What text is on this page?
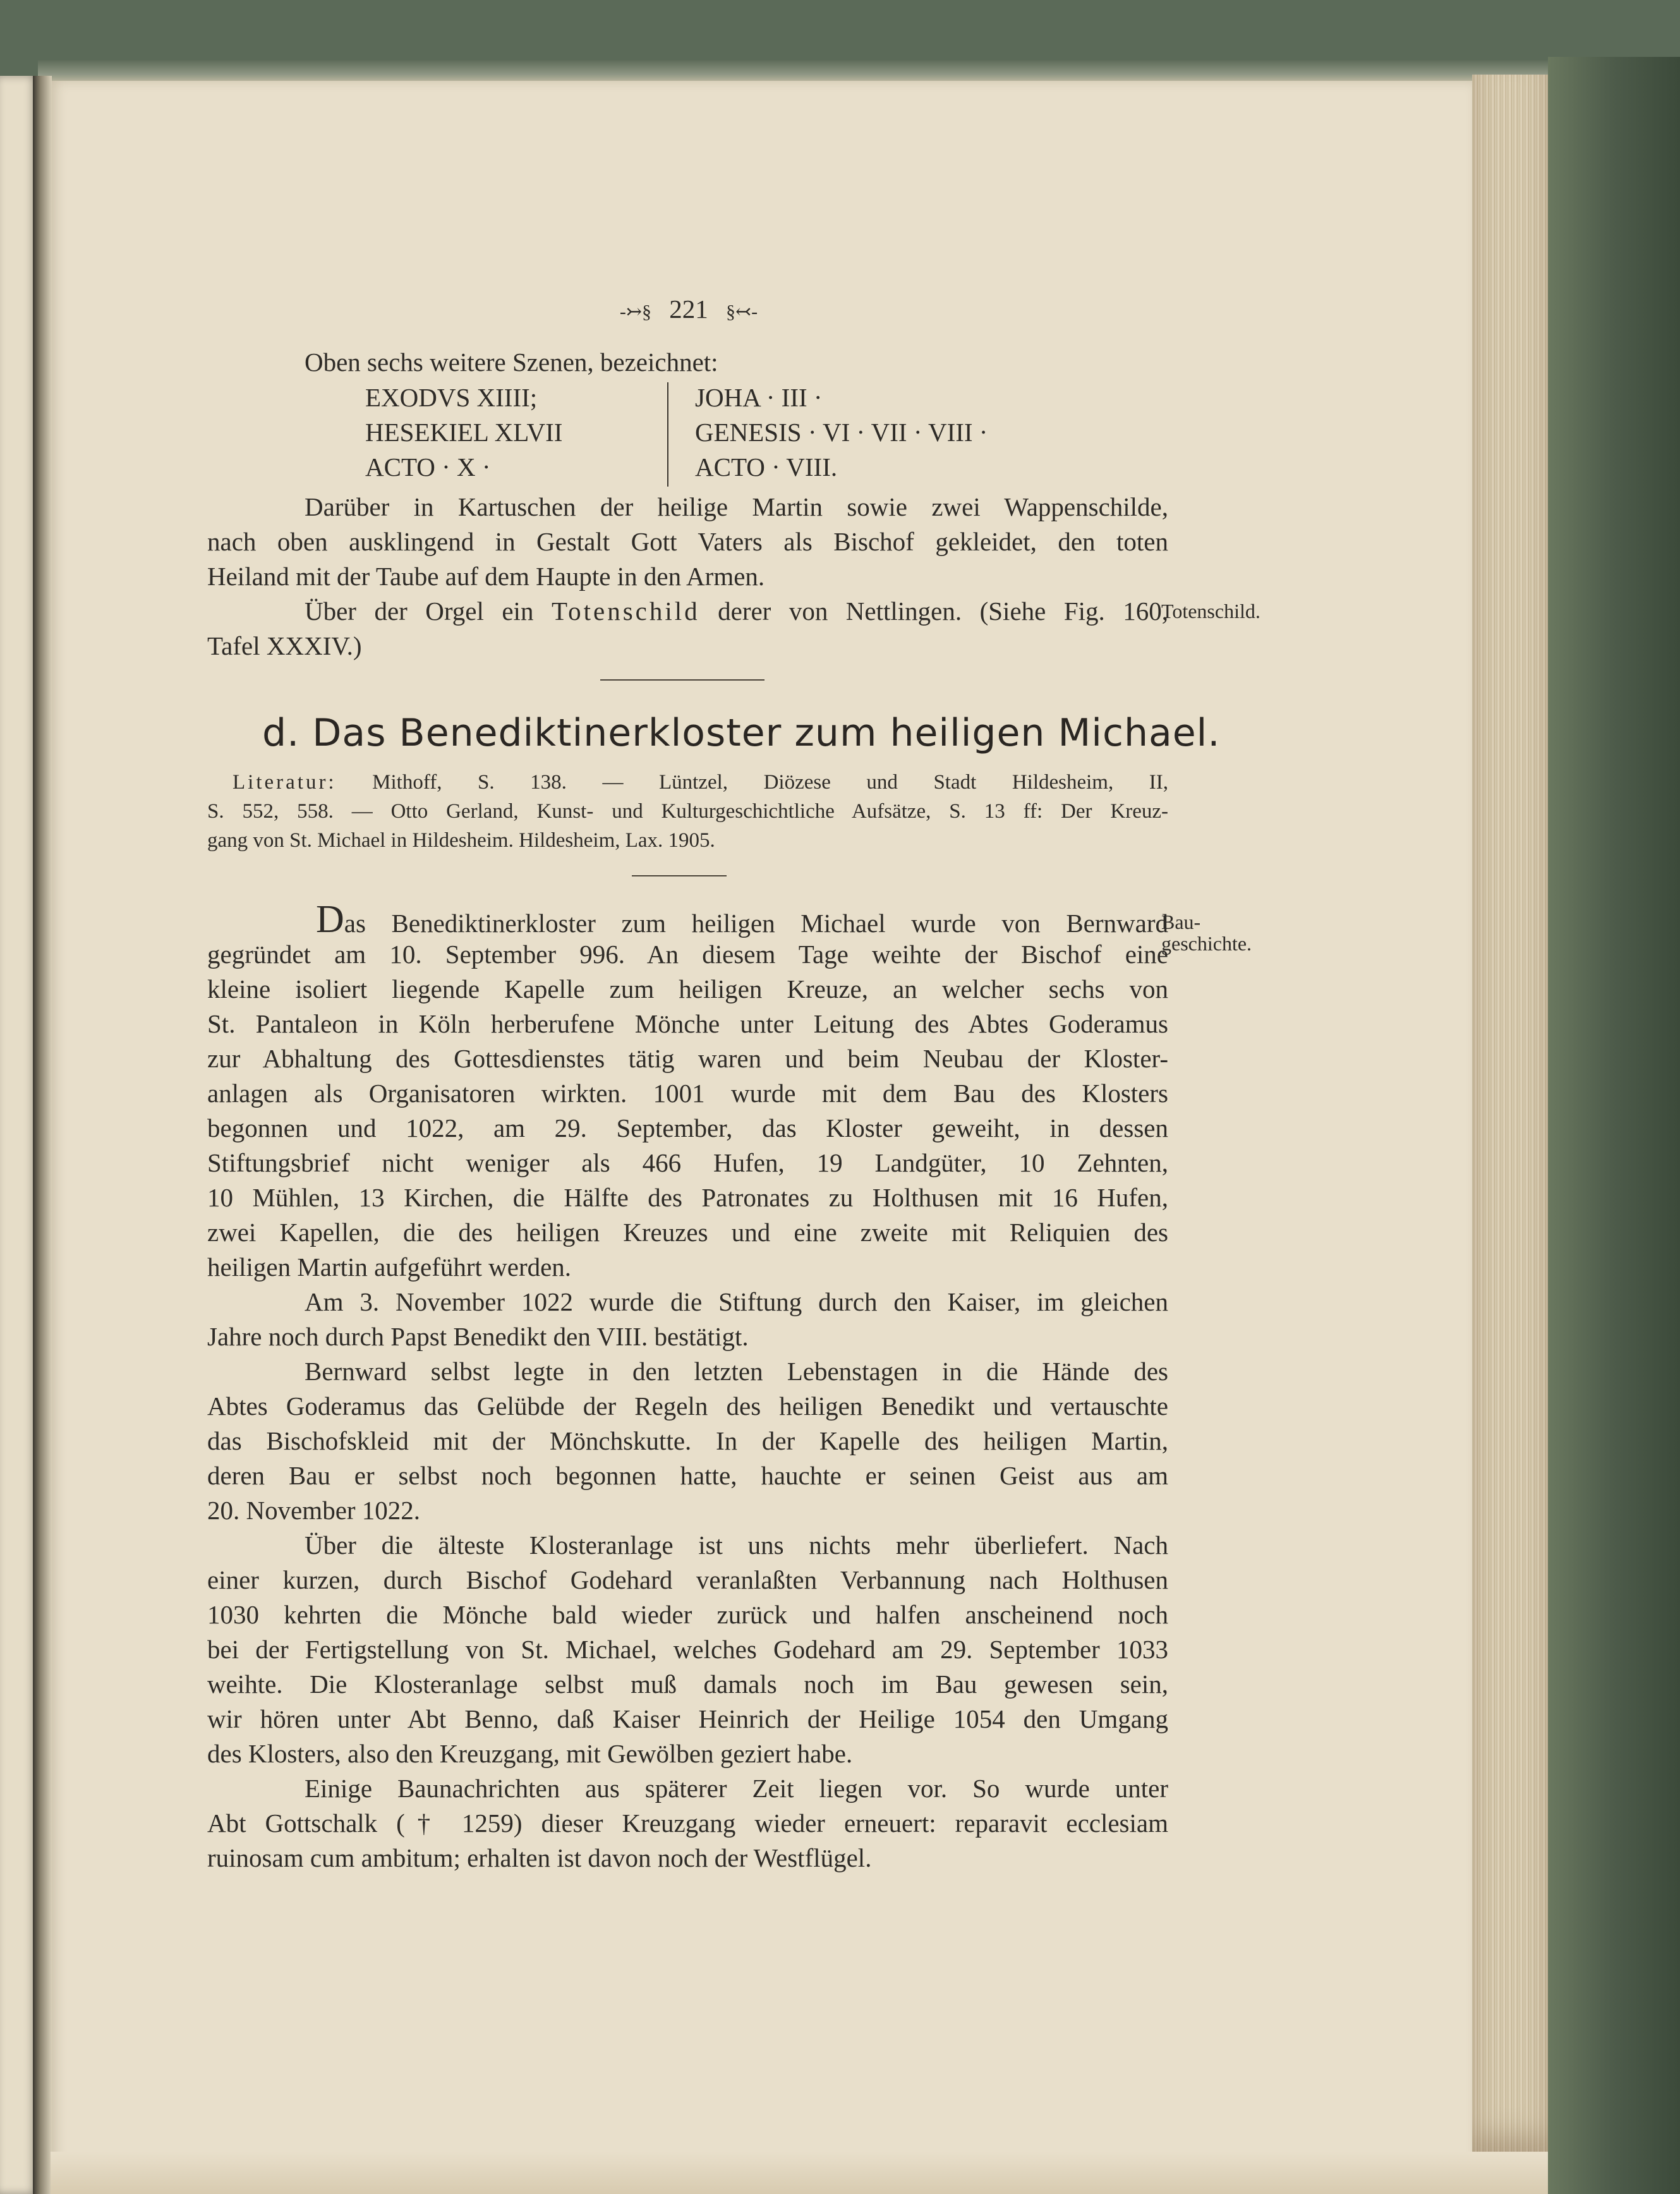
-↣§ 221 §↢-
Oben sechs weitere Szenen, bezeichnet:
EXODVS XIIII;
HESEKIEL XLVII
ACTO · X ·
JOHA · III ·
GENESIS · VI · VII · VIII ·
ACTO · VIII.
Darüber in Kartuschen der heilige Martin sowie zwei Wappenschilde,
nach oben ausklingend in Gestalt Gott Vaters als Bischof gekleidet, den toten
Heiland mit der Taube auf dem Haupte in den Armen.
Über der Orgel ein Totenschild derer von Nettlingen. (Siehe Fig. 160,
Tafel XXXIV.)
Totenschild.
d. Das Benediktinerkloster zum heiligen Michael.
Literatur: Mithoff, S. 138. — Lüntzel, Diözese und Stadt Hildesheim, II,
S. 552, 558. — Otto Gerland, Kunst- und Kulturgeschichtliche Aufsätze, S. 13 ff: Der Kreuz-
gang von St. Michael in Hildesheim. Hildesheim, Lax. 1905.
Das Benediktinerkloster zum heiligen Michael wurde von Bernward
Bau-
geschichte.
gegründet am 10. September 996. An diesem Tage weihte der Bischof eine
kleine isoliert liegende Kapelle zum heiligen Kreuze, an welcher sechs von
St. Pantaleon in Köln herberufene Mönche unter Leitung des Abtes Goderamus
zur Abhaltung des Gottesdienstes tätig waren und beim Neubau der Kloster-
anlagen als Organisatoren wirkten. 1001 wurde mit dem Bau des Klosters
begonnen und 1022, am 29. September, das Kloster geweiht, in dessen
Stiftungsbrief nicht weniger als 466 Hufen, 19 Landgüter, 10 Zehnten,
10 Mühlen, 13 Kirchen, die Hälfte des Patronates zu Holthusen mit 16 Hufen,
zwei Kapellen, die des heiligen Kreuzes und eine zweite mit Reliquien des
heiligen Martin aufgeführt werden.
Am 3. November 1022 wurde die Stiftung durch den Kaiser, im gleichen
Jahre noch durch Papst Benedikt den VIII. bestätigt.
Bernward selbst legte in den letzten Lebenstagen in die Hände des
Abtes Goderamus das Gelübde der Regeln des heiligen Benedikt und vertauschte
das Bischofskleid mit der Mönchskutte. In der Kapelle des heiligen Martin,
deren Bau er selbst noch begonnen hatte, hauchte er seinen Geist aus am
20. November 1022.
Über die älteste Klosteranlage ist uns nichts mehr überliefert. Nach
einer kurzen, durch Bischof Godehard veranlaßten Verbannung nach Holthusen
1030 kehrten die Mönche bald wieder zurück und halfen anscheinend noch
bei der Fertigstellung von St. Michael, welches Godehard am 29. September 1033
weihte. Die Klosteranlage selbst muß damals noch im Bau gewesen sein,
wir hören unter Abt Benno, daß Kaiser Heinrich der Heilige 1054 den Umgang
des Klosters, also den Kreuzgang, mit Gewölben geziert habe.
Einige Baunachrichten aus späterer Zeit liegen vor. So wurde unter
Abt Gottschalk († 1259) dieser Kreuzgang wieder erneuert: reparavit ecclesiam
ruinosam cum ambitum; erhalten ist davon noch der Westflügel.
